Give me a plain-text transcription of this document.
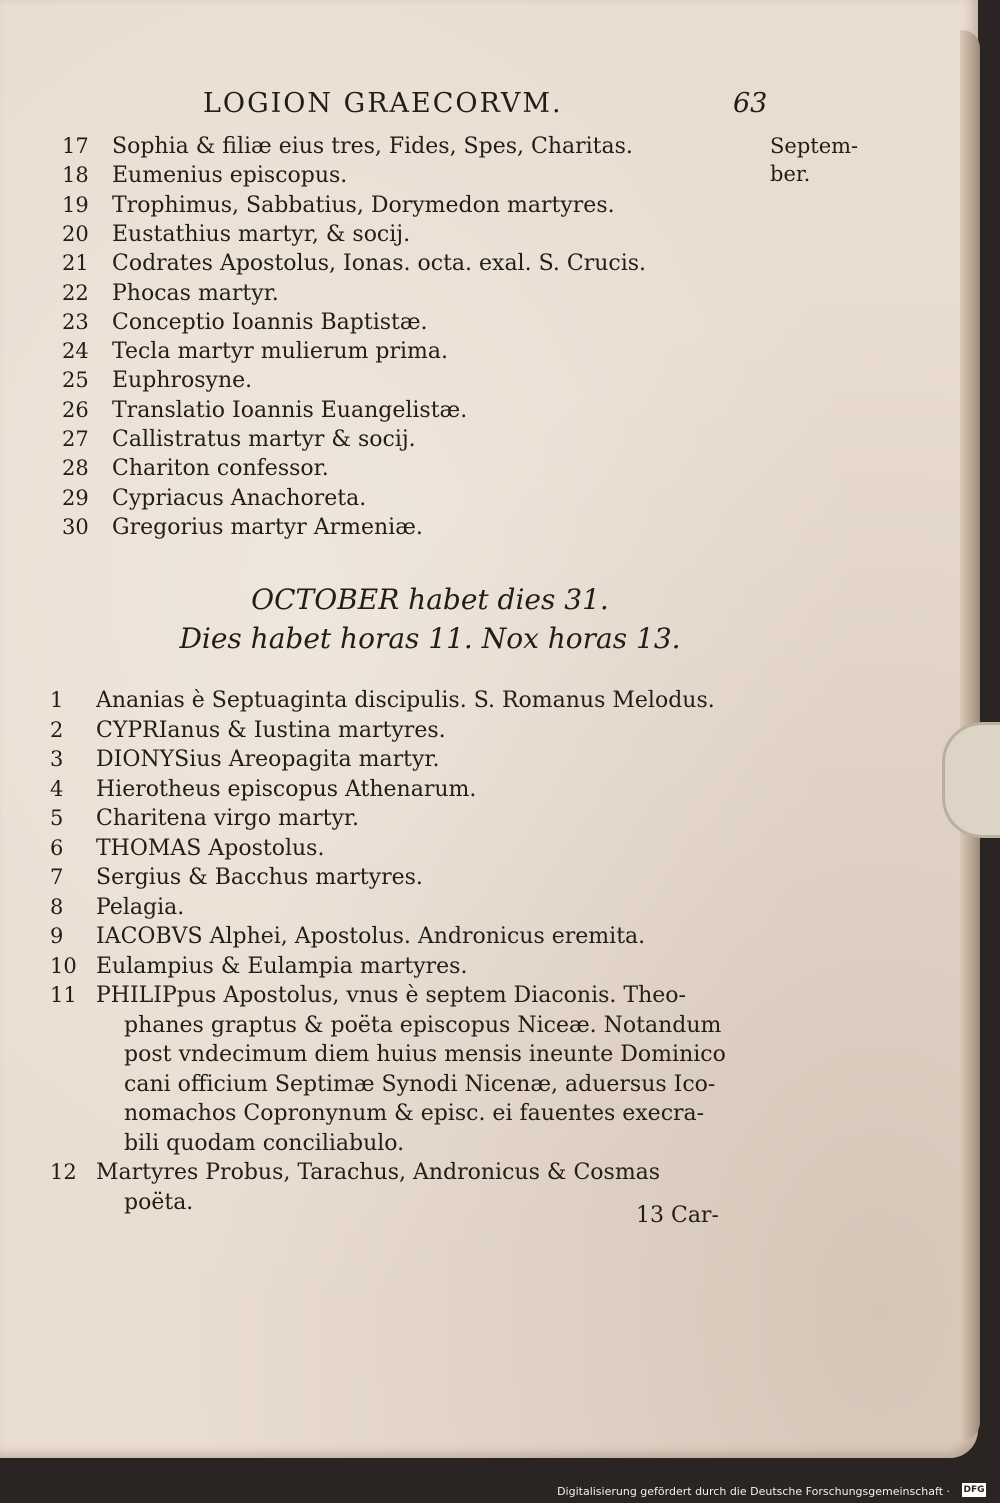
LOGION GRAECORVM.	63
Septem-
ber.
17	Sophia & filiæ eius tres, Fides, Spes, Charitas.
18	Eumenius episcopus.
19	Trophimus, Sabbatius, Dorymedon martyres.
20	Eustathius martyr, & socij.
21	Codrates Apostolus, Ionas. octa. exal. S. Crucis.
22	Phocas martyr.
23	Conceptio Ioannis Baptistæ.
24	Tecla martyr mulierum prima.
25	Euphrosyne.
26	Translatio Ioannis Euangelistæ.
27	Callistratus martyr & socij.
28	Chariton confessor.
29	Cypriacus Anachoreta.
30	Gregorius martyr Armeniæ.
OCTOBER habet dies 31.
Dies habet horas 11. Nox horas 13.
1	Ananias è Septuaginta discipulis. S. Romanus Melodus.
2	CYPRIanus & Iustina martyres.
3	DIONYSius Areopagita martyr.
4	Hierotheus episcopus Athenarum.
5	Charitena virgo martyr.
6	THOMAS Apostolus.
7	Sergius & Bacchus martyres.
8	Pelagia.
9	IACOBVS Alphei, Apostolus. Andronicus eremita.
10 Eulampius & Eulampia martyres.
11 PHILIPpus Apostolus, vnus è septem Diaconis. Theo-
phanes graptus & poëta episcopus Niceæ. Notandum
post vndecimum diem huius mensis ineunte Dominico
cani officium Septimæ Synodi Nicenæ, aduersus Ico-
nomachos Copronynum & episc. ei fauentes execra-
bili quodam conciliabulo.
12 Martyres Probus, Tarachus, Andronicus & Cosmas
poëta.
13 Car-
Digitalisierung gefördert durch die Deutsche Forschungsgemeinschaft · DFG
